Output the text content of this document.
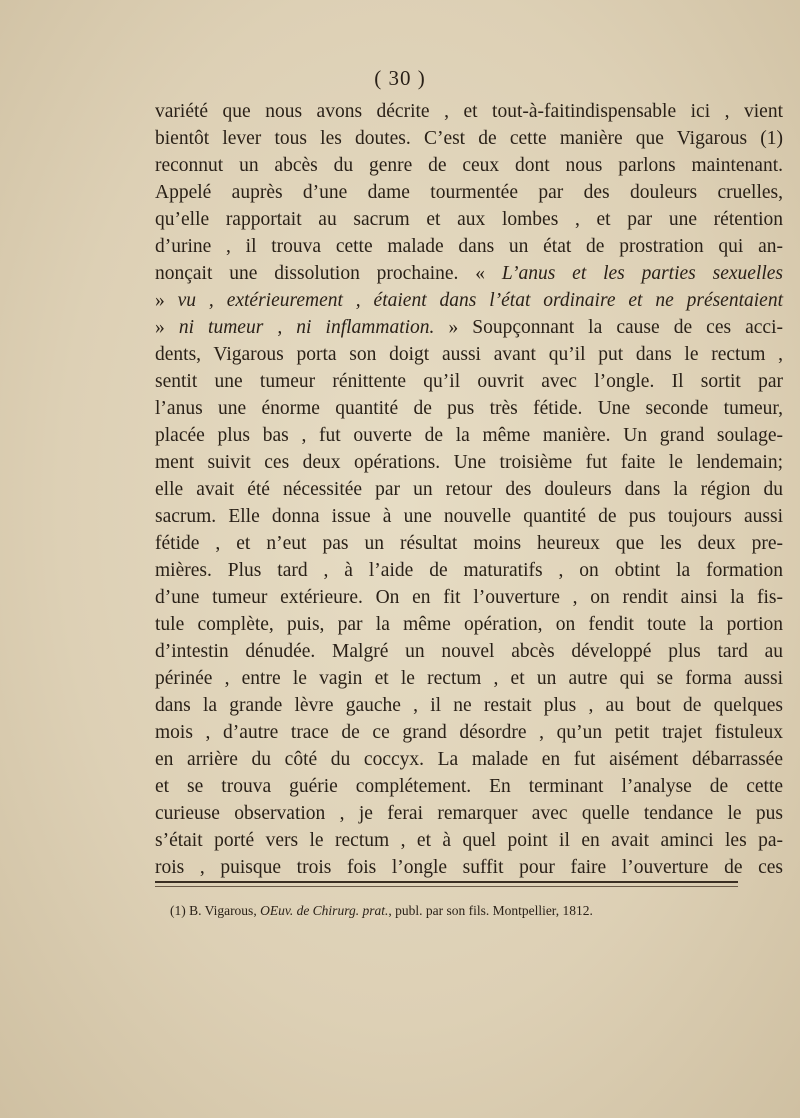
( 30 )
variété que nous avons décrite , et tout-à-faitindispensable ici , vient
bientôt lever tous les doutes. C’est de cette manière que Vigarous (1)
reconnut un abcès du genre de ceux dont nous parlons maintenant.
Appelé auprès d’une dame tourmentée par des douleurs cruelles,
qu’elle rapportait au sacrum et aux lombes , et par une rétention
d’urine , il trouva cette malade dans un état de prostration qui an-
nonçait une dissolution prochaine. « L’anus et les parties sexuelles
» vu , extérieurement , étaient dans l’état ordinaire et ne présentaient
» ni tumeur , ni inflammation. » Soupçonnant la cause de ces acci-
dents, Vigarous porta son doigt aussi avant qu’il put dans le rectum ,
sentit une tumeur rénittente qu’il ouvrit avec l’ongle. Il sortit par
l’anus une énorme quantité de pus très fétide. Une seconde tumeur,
placée plus bas , fut ouverte de la même manière. Un grand soulage-
ment suivit ces deux opérations. Une troisième fut faite le lendemain;
elle avait été nécessitée par un retour des douleurs dans la région du
sacrum. Elle donna issue à une nouvelle quantité de pus toujours aussi
fétide , et n’eut pas un résultat moins heureux que les deux pre-
mières. Plus tard , à l’aide de maturatifs , on obtint la formation
d’une tumeur extérieure. On en fit l’ouverture , on rendit ainsi la fis-
tule complète, puis, par la même opération, on fendit toute la portion
d’intestin dénudée. Malgré un nouvel abcès développé plus tard au
périnée , entre le vagin et le rectum , et un autre qui se forma aussi
dans la grande lèvre gauche , il ne restait plus , au bout de quelques
mois , d’autre trace de ce grand désordre , qu’un petit trajet fistuleux
en arrière du côté du coccyx. La malade en fut aisément débarrassée
et se trouva guérie complétement. En terminant l’analyse de cette
curieuse observation , je ferai remarquer avec quelle tendance le pus
s’était porté vers le rectum , et à quel point il en avait aminci les pa-
rois , puisque trois fois l’ongle suffit pour faire l’ouverture de ces
(1) B. Vigarous, OEuv. de Chirurg. prat., publ. par son fils. Montpellier, 1812.
